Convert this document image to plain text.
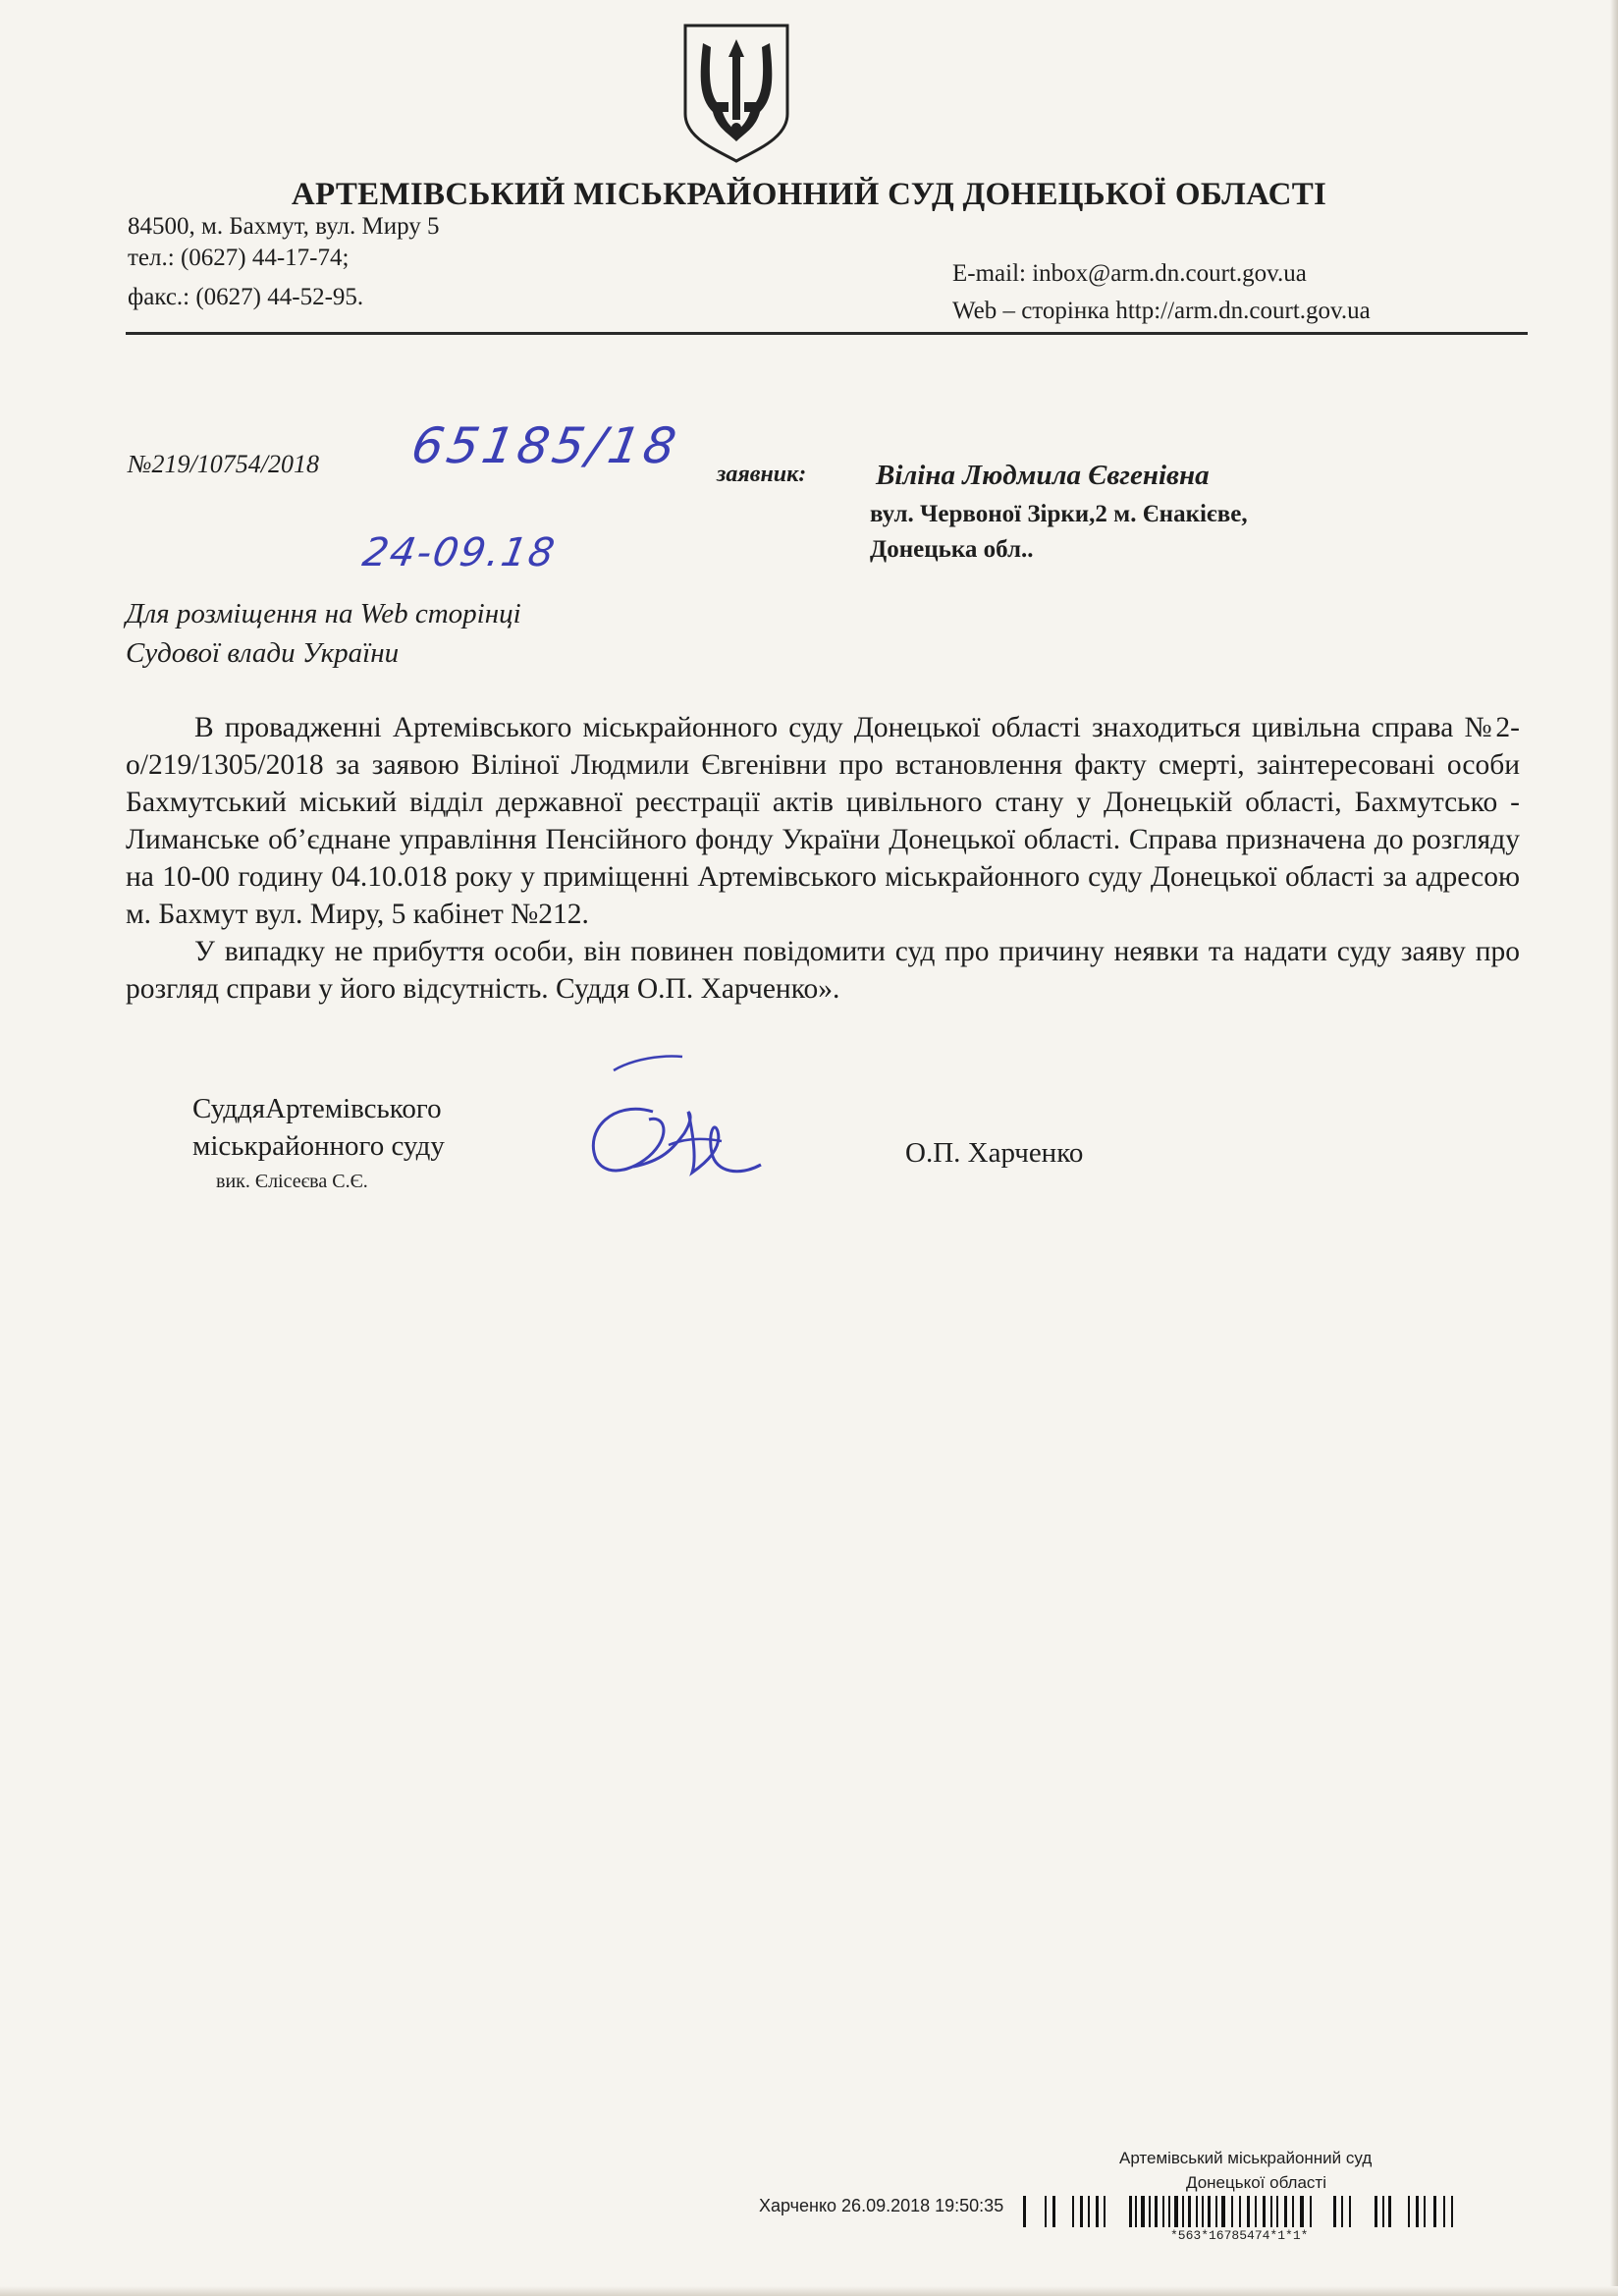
АРТЕМІВСЬКИЙ МІСЬКРАЙОННИЙ СУД ДОНЕЦЬКОЇ ОБЛАСТІ
84500, м. Бахмут, вул. Миру 5
тел.: (0627) 44-17-74;
факс.: (0627) 44-52-95.
E-mail: inbox@arm.dn.court.gov.ua
Web – сторінка http://arm.dn.court.gov.ua
№219/10754/2018 65185/18
24-09.18
заявник: Віліна Людмила Євгенівна
вул. Червоної Зірки,2 м. Єнакієве,
Донецька обл..
Для розміщення на Web сторінці
Судової влади України

В провадженні Артемівського міськрайонного суду Донецької області знаходиться цивільна справа №2-о/219/1305/2018 за заявою Віліної Людмили Євгенівни про встановлення факту смерті, заінтересовані особи Бахмутський міський відділ державної реєстрації актів цивільного стану у Донецькій області, Бахмутсько - Лиманське об’єднане управління Пенсійного фонду України Донецької області. Справа призначена до розгляду на 10-00 годину 04.10.018 року у приміщенні Артемівського міськрайонного суду Донецької області за адресою м. Бахмут вул. Миру, 5 кабінет №212.

У випадку не прибуття особи, він повинен повідомити суд про причину неявки та надати суду заяву про розгляд справи у його відсутність. Суддя О.П. Харченко».

СуддяАртемівського
міськрайонного суду
вик. Єлісеєва С.Є.
О.П. Харченко
Артемівський міськрайонний суд
Донецької області
Харченко 26.09.2018 19:50:35
*563*16785474*1*1*
